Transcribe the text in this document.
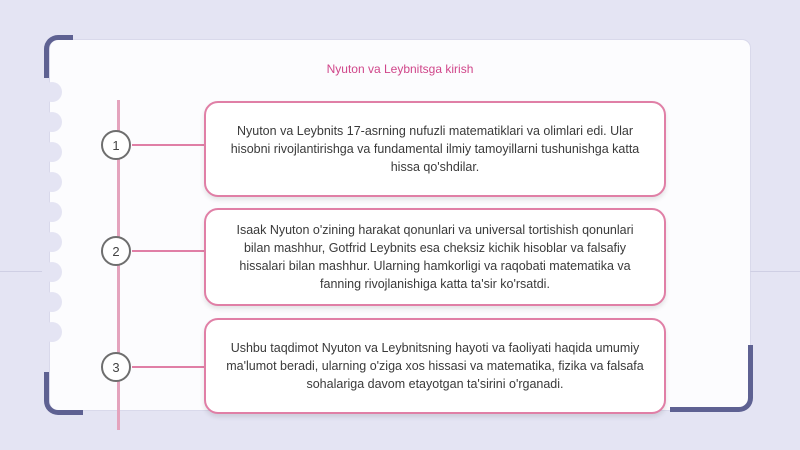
Nyuton va Leybnitsga kirish
1
Nyuton va Leybnits 17-asrning nufuzli matematiklari va olimlari edi. Ular hisobni rivojlantirishga va fundamental ilmiy tamoyillarni tushunishga katta hissa qo'shdilar.
2
Isaak Nyuton o'zining harakat qonunlari va universal tortishish qonunlari bilan mashhur, Gotfrid Leybnits esa cheksiz kichik hisoblar va falsafiy hissalari bilan mashhur. Ularning hamkorligi va raqobati matematika va fanning rivojlanishiga katta ta'sir ko'rsatdi.
3
Ushbu taqdimot Nyuton va Leybnitsning hayoti va faoliyati haqida umumiy ma'lumot beradi, ularning o'ziga xos hissasi va matematika, fizika va falsafa sohalariga davom etayotgan ta'sirini o'rganadi.
